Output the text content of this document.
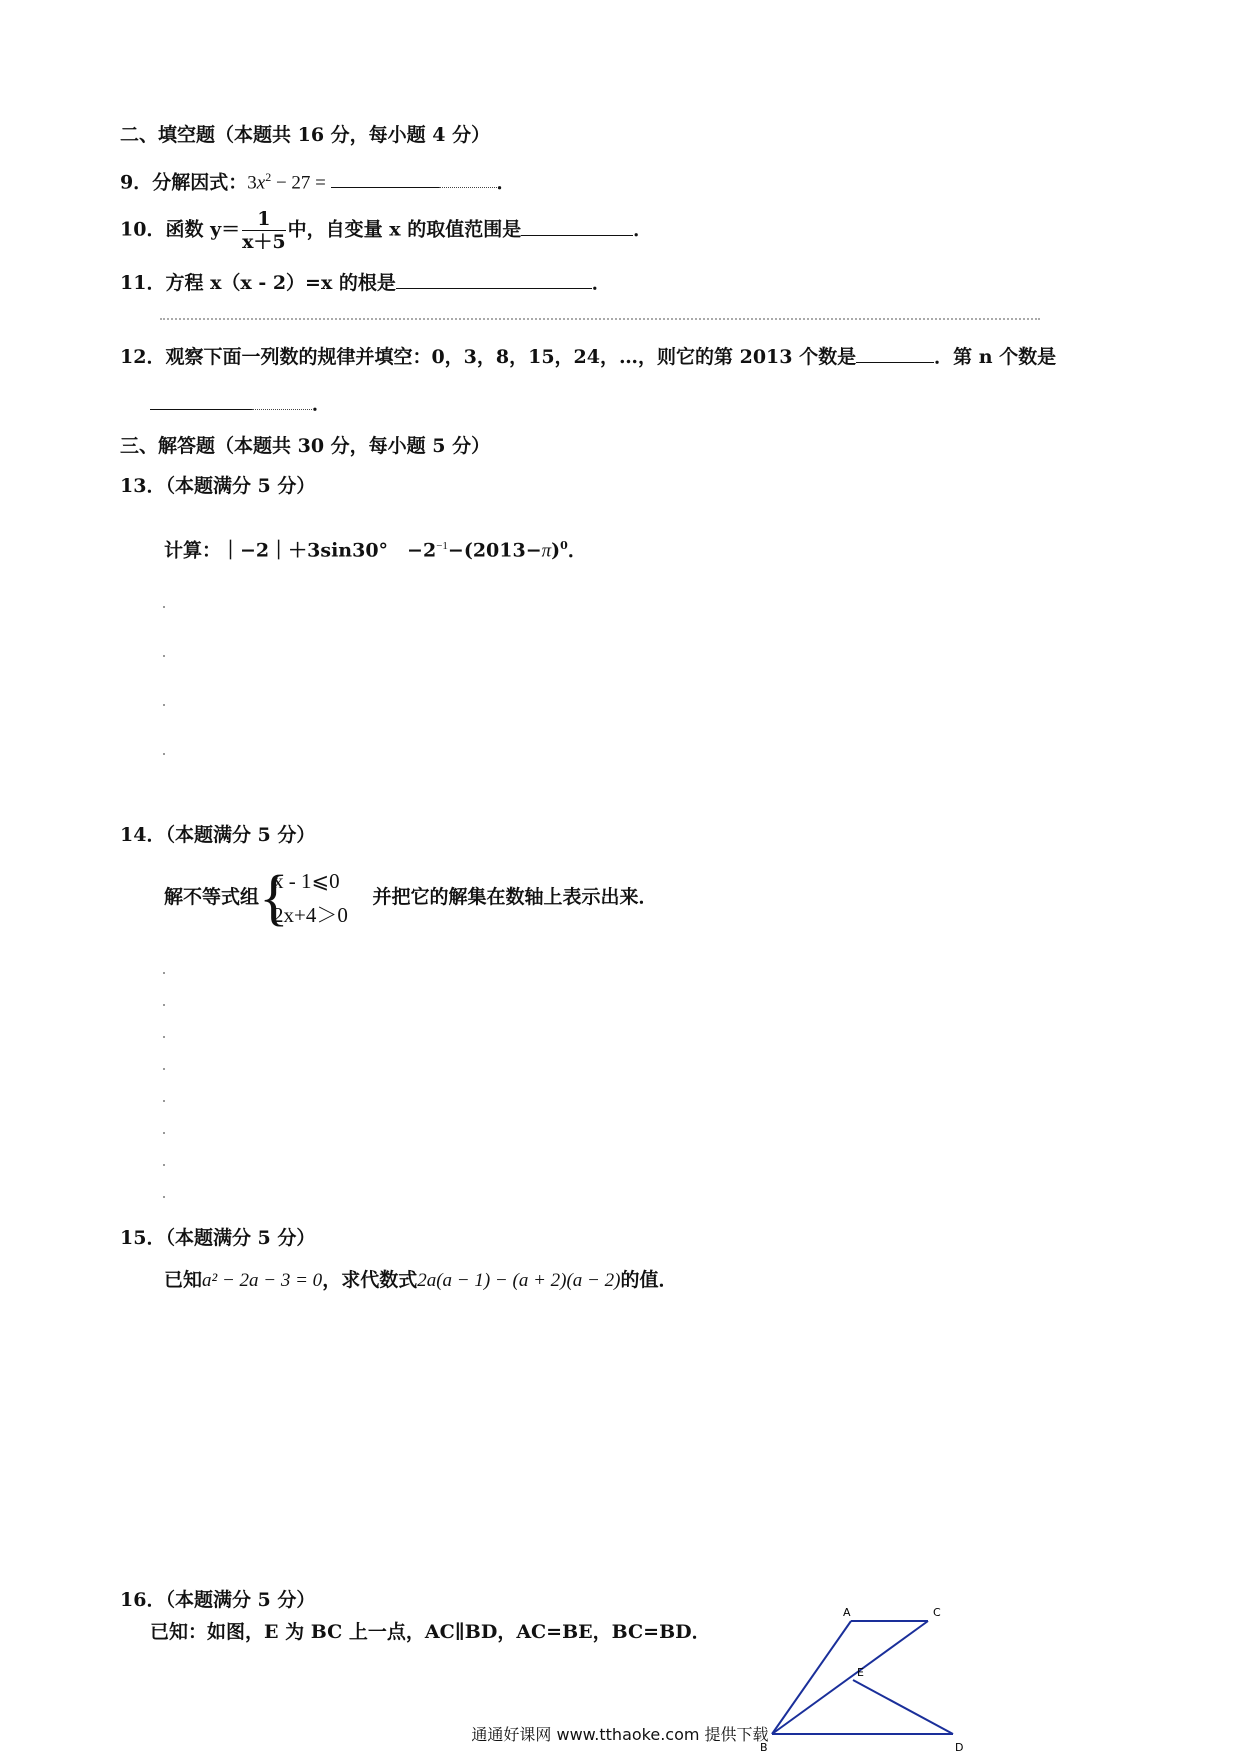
二、填空题（本题共 16 分，每小题 4 分）
9．分解因式：$3x^2 - 27$ =	．
10．函数 $y= \frac{1}{x+5}$ 中，自变量 x 的取值范围是	．
11．方程 x（x - 2）=x 的根是	．
12．观察下面一列数的规律并填空：0，3，8，15，24，…，则它的第 2013 个数是	．第 n 个数是
．
三、解答题（本题共 30 分，每小题 5 分）
13．（本题满分 5 分）
计算：｜−2｜＋3sin30°　$-2^{-1}-(2013-\pi)^0$．
14．（本题满分 5 分）
解不等式组 {
x - 1⩽0
2x+4＞0
并把它的解集在数轴上表示出来．
15．（本题满分 5 分）
已知a² − 2a − 3 = 0，求代数式2a(a − 1) − (a + 2)(a − 2)的值．
16．（本题满分 5 分）
已知：如图，E 为 BC 上一点，AC∥BD，AC=BE，BC=BD．
A	C
E
B	D
通通好课网 www.tthaoke.com 提供下载
